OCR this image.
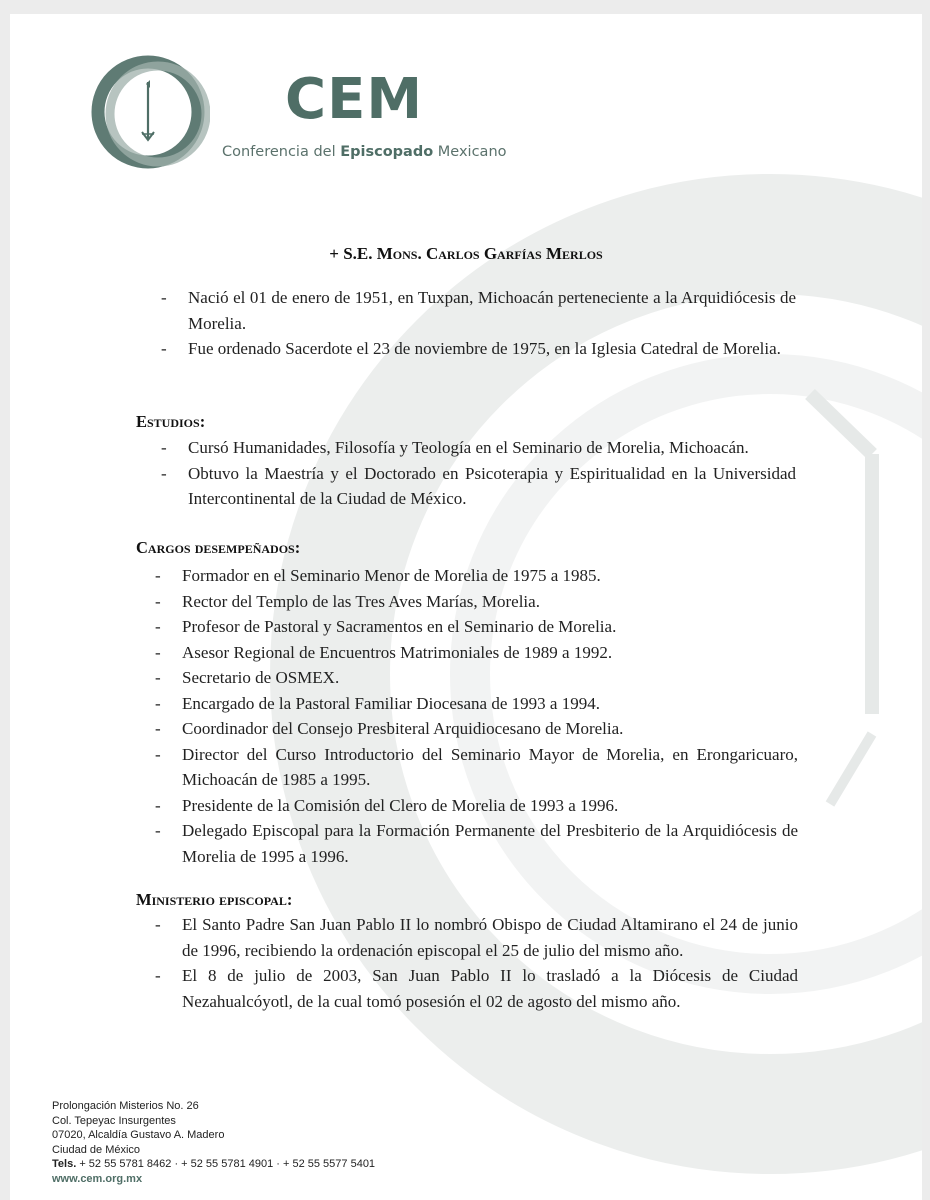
CEM
Conferencia del Episcopado Mexicano
+ S.E. Mons. Carlos Garfías Merlos
- Nació el 01 de enero de 1951, en Tuxpan, Michoacán perteneciente a la Arquidiócesis de Morelia.
- Fue ordenado Sacerdote el 23 de noviembre de 1975, en la Iglesia Catedral de Morelia.
Estudios:
- Cursó Humanidades, Filosofía y Teología en el Seminario de Morelia, Michoacán.
- Obtuvo la Maestría y el Doctorado en Psicoterapia y Espiritualidad en la Universidad Intercontinental de la Ciudad de México.
Cargos desempeñados:
- Formador en el Seminario Menor de Morelia de 1975 a 1985.
- Rector del Templo de las Tres Aves Marías, Morelia.
- Profesor de Pastoral y Sacramentos en el Seminario de Morelia.
- Asesor Regional de Encuentros Matrimoniales de 1989 a 1992.
- Secretario de OSMEX.
- Encargado de la Pastoral Familiar Diocesana de 1993 a 1994.
- Coordinador del Consejo Presbiteral Arquidiocesano de Morelia.
- Director del Curso Introductorio del Seminario Mayor de Morelia, en Erongaricuaro, Michoacán de 1985 a 1995.
- Presidente de la Comisión del Clero de Morelia de 1993 a 1996.
- Delegado Episcopal para la Formación Permanente del Presbiterio de la Arquidiócesis de Morelia de 1995 a 1996.
Ministerio episcopal:
- El Santo Padre San Juan Pablo II lo nombró Obispo de Ciudad Altamirano el 24 de junio de 1996, recibiendo la ordenación episcopal el 25 de julio del mismo año.
- El 8 de julio de 2003, San Juan Pablo II lo trasladó a la Diócesis de Ciudad Nezahualcóyotl, de la cual tomó posesión el 02 de agosto del mismo año.
Prolongación Misterios No. 26
Col. Tepeyac Insurgentes
07020, Alcaldía Gustavo A. Madero
Ciudad de México
Tels. + 52 55 5781 8462 · + 52 55 5781 4901 · + 52 55 5577 5401
www.cem.org.mx
